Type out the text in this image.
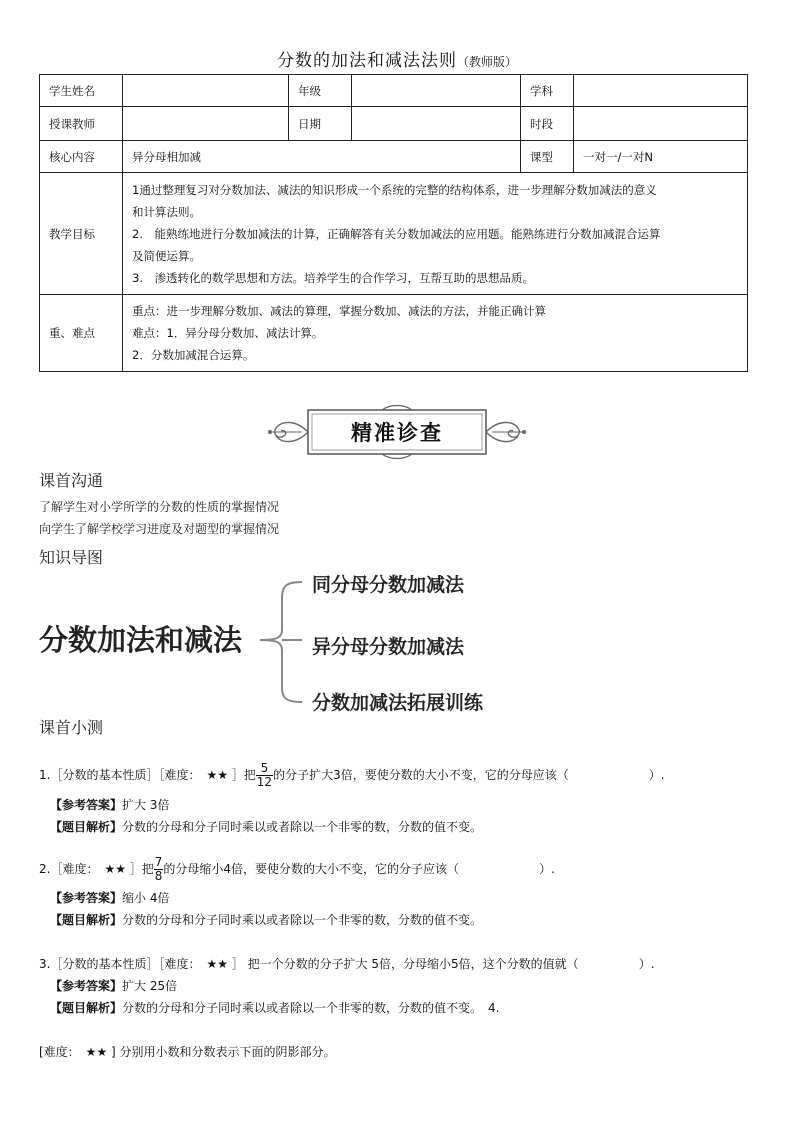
分数的加法和减法法则（教师版）
学生姓名		年级		学科	
授课教师		日期		时段	
核心内容	异分母相加减			课型	一对一/一对N
教学目标	1通过整理复习对分数加法、减法的知识形成一个系统的完整的结构体系，进一步理解分数加减法的意义
和计算法则。
2.　能熟练地进行分数加减法的计算，正确解答有关分数加减法的应用题。能熟练进行分数加减混合运算
及简便运算。
3.　渗透转化的数学思想和方法。培养学生的合作学习，互帮互助的思想品质。				

重、难点	重点：进一步理解分数加、减法的算理，掌握分数加、减法的方法，并能正确计算
难点：1．异分母分数加、减法计算。
2．分数加减混合运算。				
精准诊查
课首沟通
了解学生对小学所学的分数的性质的掌握情况
向学生了解学校学习进度及对题型的掌握情况
知识导图
分数加法和减法
同分母分数加减法
异分母分数加减法
分数加减法拓展训练
课首小测
1.［分数的基本性质］［难度：　★★ ］把 $\frac{5}{12}$ 的分子扩大3倍，要使分数的大小不变，它的分母应该（	）.
【参考答案】扩大 3倍
【题目解析】分数的分母和分子同时乘以或者除以一个非零的数，分数的值不变。
2.［难度：　★★ ］把 $\frac{7}{8}$ 的分母缩小4倍，要使分数的大小不变，它的分子应该（	）.
【参考答案】缩小 4倍
【题目解析】分数的分母和分子同时乘以或者除以一个非零的数，分数的值不变。
3.［分数的基本性质］［难度：　★★ ］ 把一个分数的分子扩大 5倍，分母缩小5倍，这个分数的值就（	）.
【参考答案】扩大 25倍
【题目解析】分数的分母和分子同时乘以或者除以一个非零的数，分数的值不变。　4.
[难度：　★★ ] 分别用小数和分数表示下面的阴影部分。
